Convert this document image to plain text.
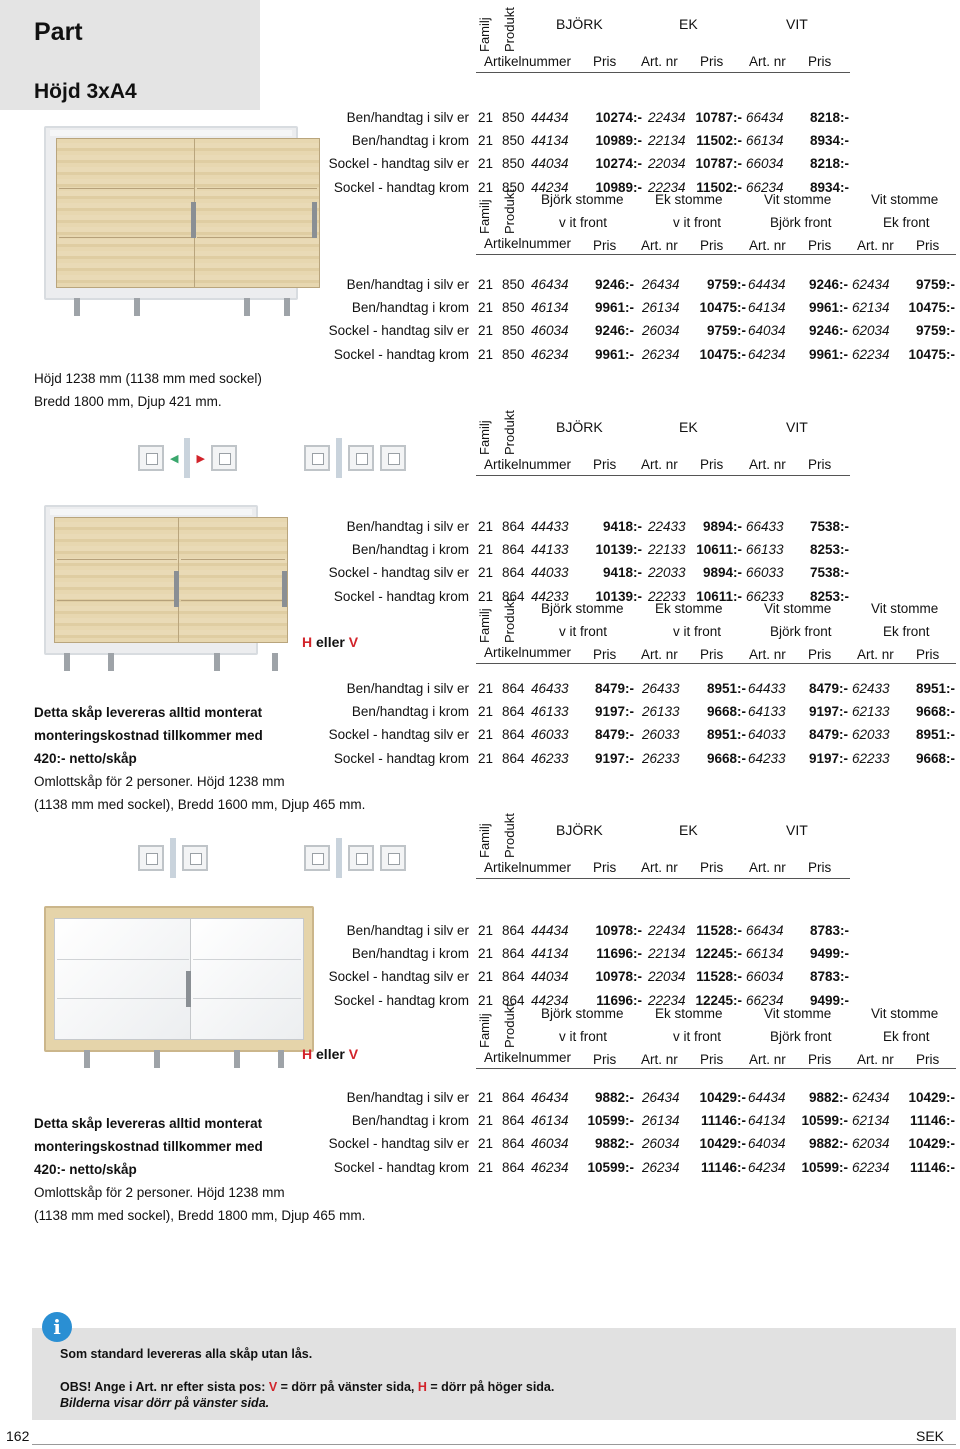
Part
Höjd 3xA4
Höjd 1238 mm (1138 mm med sockel)
Bredd 1800 mm, Djup 421 mm.
◀ ▶
H eller V
Detta skåp levereras alltid monterat
monteringskostnad tillkommer med
420:- netto/skåp
Omlottskåp för 2 personer. Höjd 1238 mm
(1138 mm med sockel), Bredd 1600 mm, Djup 465 mm.
H eller V
Detta skåp levereras alltid monterat
monteringskostnad tillkommer med
420:- netto/skåp
Omlottskåp för 2 personer. Höjd 1238 mm
(1138 mm med sockel), Bredd 1800 mm, Djup 465 mm.
Familj Produkt	BJÖRK	EK	VIT
Artikelnummer Pris Art. nr Pris Art. nr Pris
Ben/handtag i silv er 21 850 44434	10274:- 22434 10787:- 66434	8218:-
Ben/handtag i krom 21 850 44134	10989:- 22134 11502:- 66134	8934:-
Sockel - handtag silv er 21 850 44034	10274:- 22034 10787:- 66034	8218:-
Sockel - handtag krom 21 850 44234	10989:- 22234 11502:- 66234	8934:-
Familj Produkt Björk stomme
v it front
Ek stomme
v it front
Vit stomme
Björk front
Vit stomme
Ek front
Artikelnummer Pris Art. nr Pris Art. nr Pris Art. nr Pris
Ben/handtag i silv er 21 850 46434	9246:- 26434	9759:- 64434	9246:- 62434	9759:-
Ben/handtag i krom 21 850 46134	9961:- 26134	10475:- 64134	9961:- 62134	10475:-
Sockel - handtag silv er 21 850 46034	9246:- 26034	9759:- 64034	9246:- 62034	9759:-
Sockel - handtag krom 21 850 46234	9961:- 26234	10475:- 64234	9961:- 62234	10475:-
Familj Produkt	BJÖRK	EK	VIT
Artikelnummer Pris Art. nr Pris Art. nr Pris
Ben/handtag i silv er 21 864 44433	9418:- 22433	9894:- 66433	7538:-
Ben/handtag i krom 21 864 44133	10139:- 22133 10611:- 66133	8253:-
Sockel - handtag silv er 21 864 44033	9418:- 22033	9894:- 66033	7538:-
Sockel - handtag krom 21 864 44233	10139:- 22233 10611:- 66233	8253:-
Familj Produkt Björk stomme
v it front
Ek stomme
v it front
Vit stomme
Björk front
Vit stomme
Ek front
Artikelnummer Pris Art. nr Pris Art. nr Pris Art. nr Pris
Ben/handtag i silv er 21 864 46433	8479:- 26433	8951:- 64433	8479:- 62433	8951:-
Ben/handtag i krom 21 864 46133	9197:- 26133	9668:- 64133	9197:- 62133	9668:-
Sockel - handtag silv er 21 864 46033	8479:- 26033	8951:- 64033	8479:- 62033	8951:-
Sockel - handtag krom 21 864 46233	9197:- 26233	9668:- 64233	9197:- 62233	9668:-
Familj Produkt	BJÖRK	EK	VIT
Artikelnummer Pris Art. nr Pris Art. nr Pris
Ben/handtag i silv er 21 864 44434	10978:- 22434 11528:- 66434	8783:-
Ben/handtag i krom 21 864 44134	11696:- 22134 12245:- 66134	9499:-
Sockel - handtag silv er 21 864 44034	10978:- 22034 11528:- 66034	8783:-
Sockel - handtag krom 21 864 44234	11696:- 22234 12245:- 66234	9499:-
Familj Produkt Björk stomme
v it front
Ek stomme
v it front
Vit stomme
Björk front
Vit stomme
Ek front
Artikelnummer Pris Art. nr Pris Art. nr Pris Art. nr Pris
Ben/handtag i silv er 21 864 46434	9882:- 26434	10429:- 64434	9882:- 62434	10429:-
Ben/handtag i krom 21 864 46134	10599:- 26134	11146:- 64134	10599:- 62134	11146:-
Sockel - handtag silv er 21 864 46034	9882:- 26034	10429:- 64034	9882:- 62034	10429:-
Sockel - handtag krom 21 864 46234	10599:- 26234	11146:- 64234	10599:- 62234	11146:-
i
Som standard levereras alla skåp utan lås.
OBS! Ange i Art. nr efter sista pos: V = dörr på vänster sida, H = dörr på höger sida.
Bilderna visar dörr på vänster sida.
162	SEK
